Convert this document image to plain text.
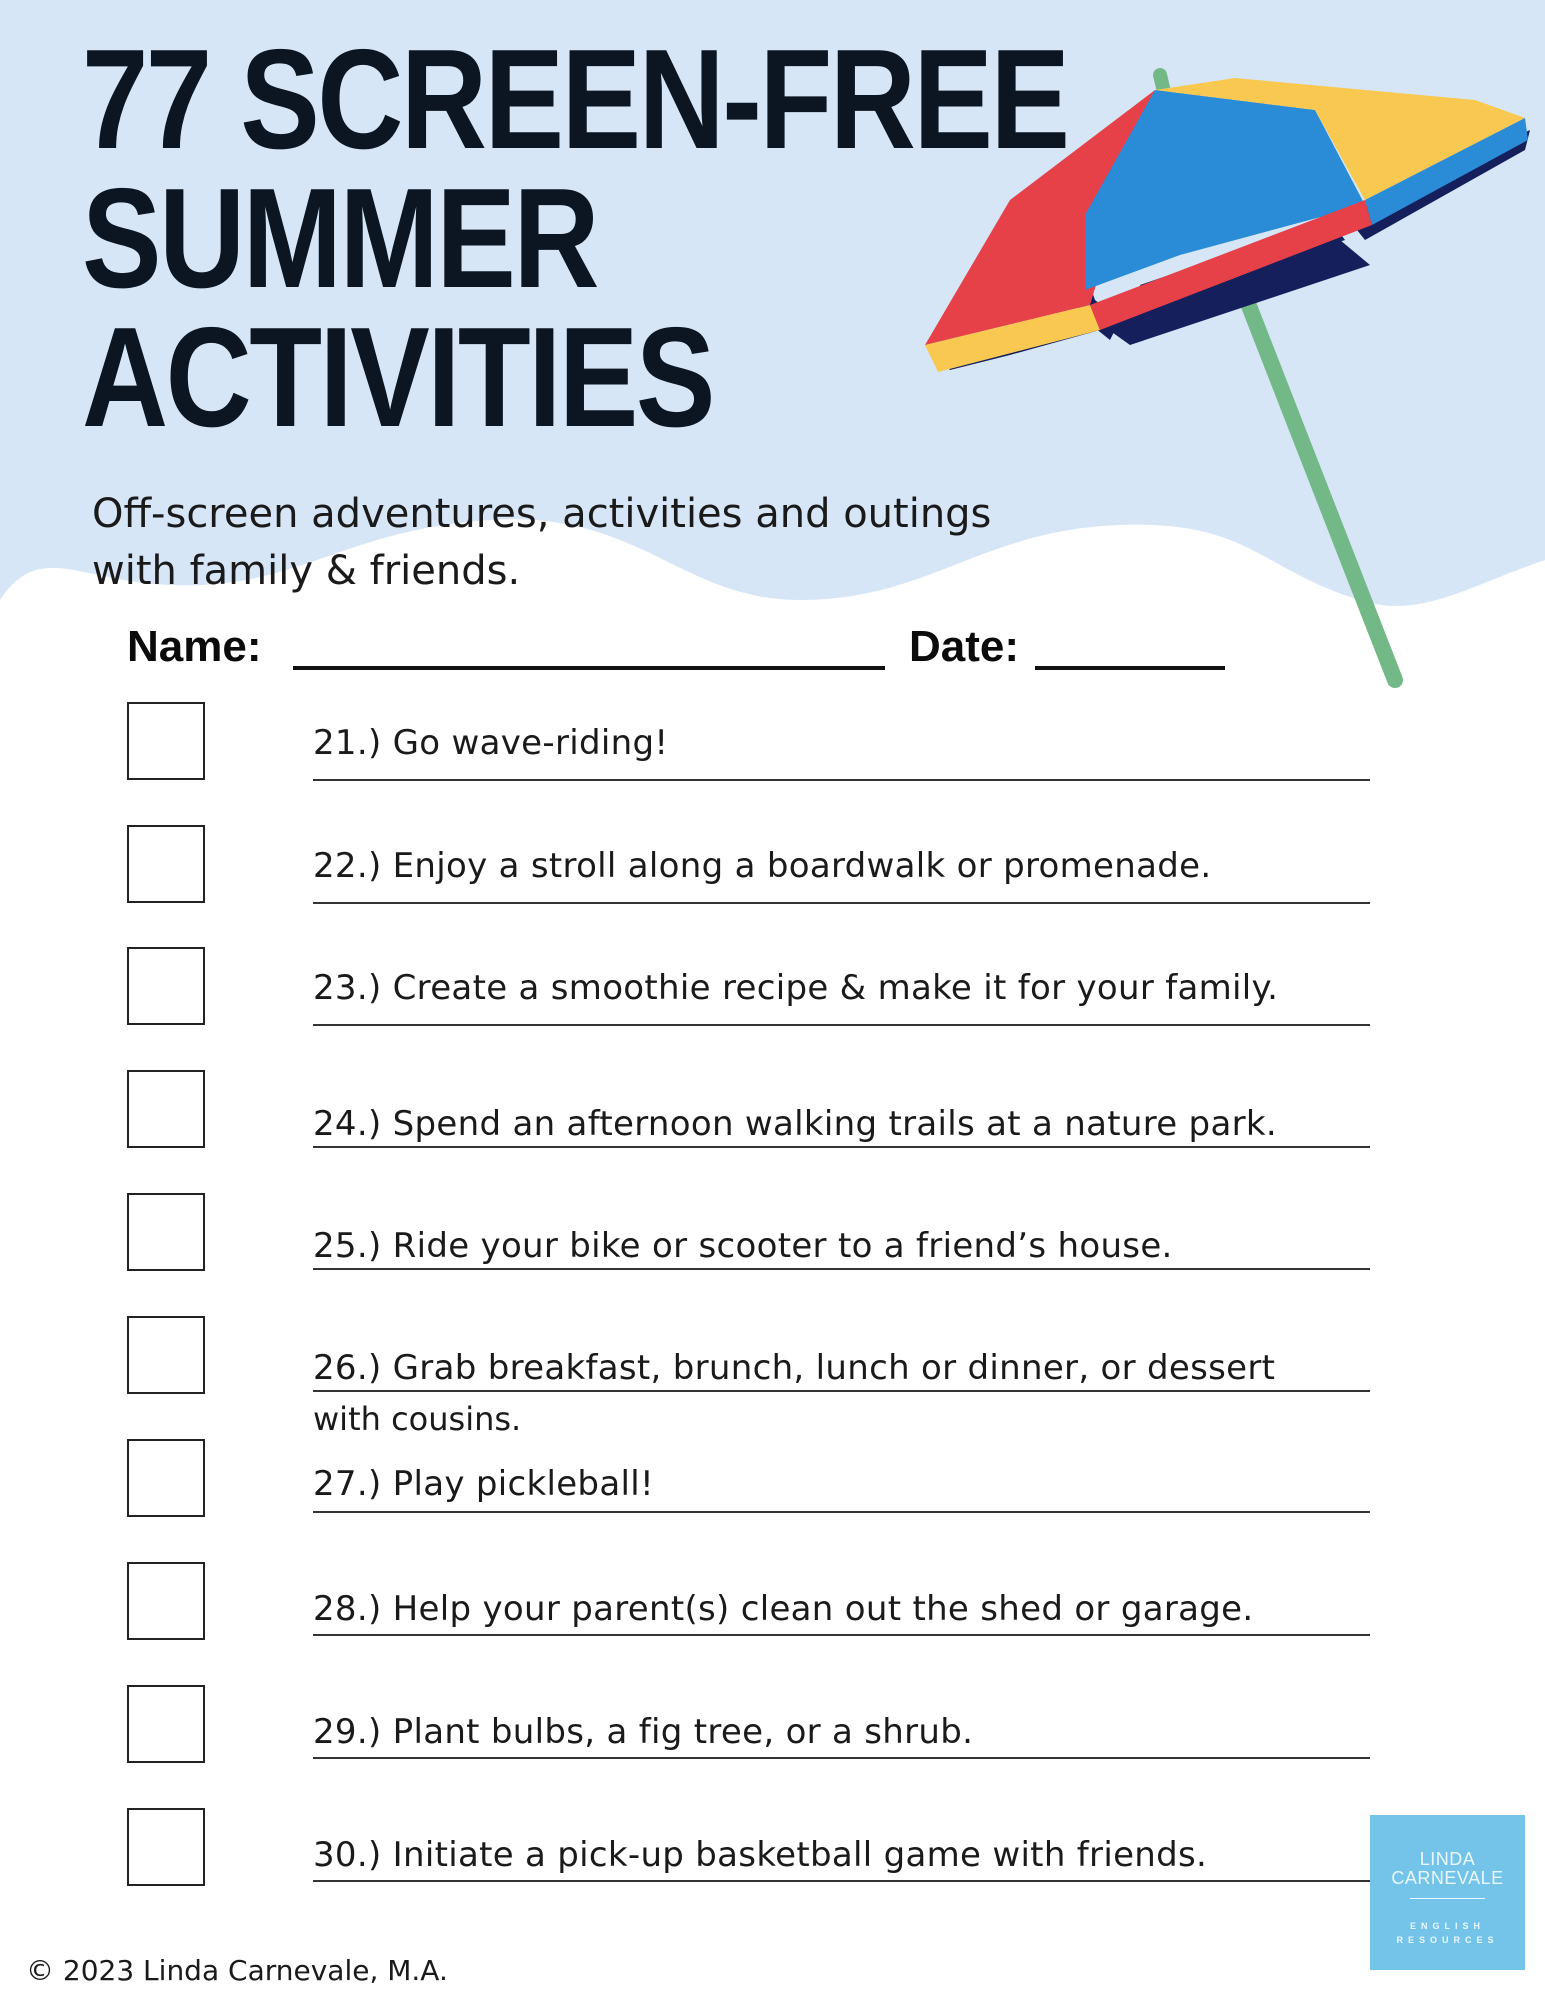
77 SCREEN-FREE
SUMMER
ACTIVITIES

Off-screen adventures, activities and outings
with family & friends.

Name:	Date:
21.) Go wave-riding!
22.) Enjoy a stroll along a boardwalk or promenade.
23.) Create a smoothie recipe & make it for your family.
24.) Spend an afternoon walking trails at a nature park.
25.) Ride your bike or scooter to a friend’s house.
26.) Grab breakfast, brunch, lunch or dinner, or dessert
with cousins.
27.) Play pickleball!
28.) Help your parent(s) clean out the shed or garage.
29.) Plant bulbs, a fig tree, or a shrub.
30.) Initiate a pick-up basketball game with friends.
© 2023 Linda Carnevale, M.A.
LINDA
CARNEVALE
ENGLISH
RESOURCES
